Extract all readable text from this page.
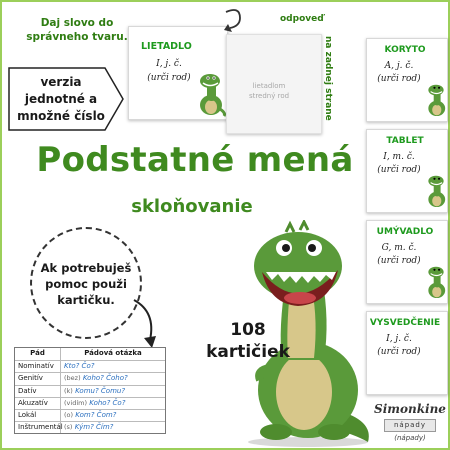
Daj slovo do správneho tvaru.
verzia
jednotné a
množné číslo
LIETADLO
I, j. č.
(urči rod)
lietadlom
stredný rod
odpoveď
na zadnej strane
Podstatné mená
skloňovanie
Ak potrebuješ
pomoc použi
kartičku.
108
kartičiek
Pád	Pádová otázka
Nominatív	Kto? Čo?
Genitív	(bez) Koho? Čoho?
Datív	(k) Komu? Čomu?
Akuzatív	(vidím) Koho? Čo?
Lokál	(o) Kom? Čom?
Inštrumentál (s) Kým? Čím?
KORYTO
A, j. č.
(urči rod)
TABLET
I, m. č.
(urči rod)
UMÝVADLO
G, m. č.
(urči rod)
VYSVEDČENIE
I, j. č.
(urči rod)
Simonkine
nápady
(nápady)
